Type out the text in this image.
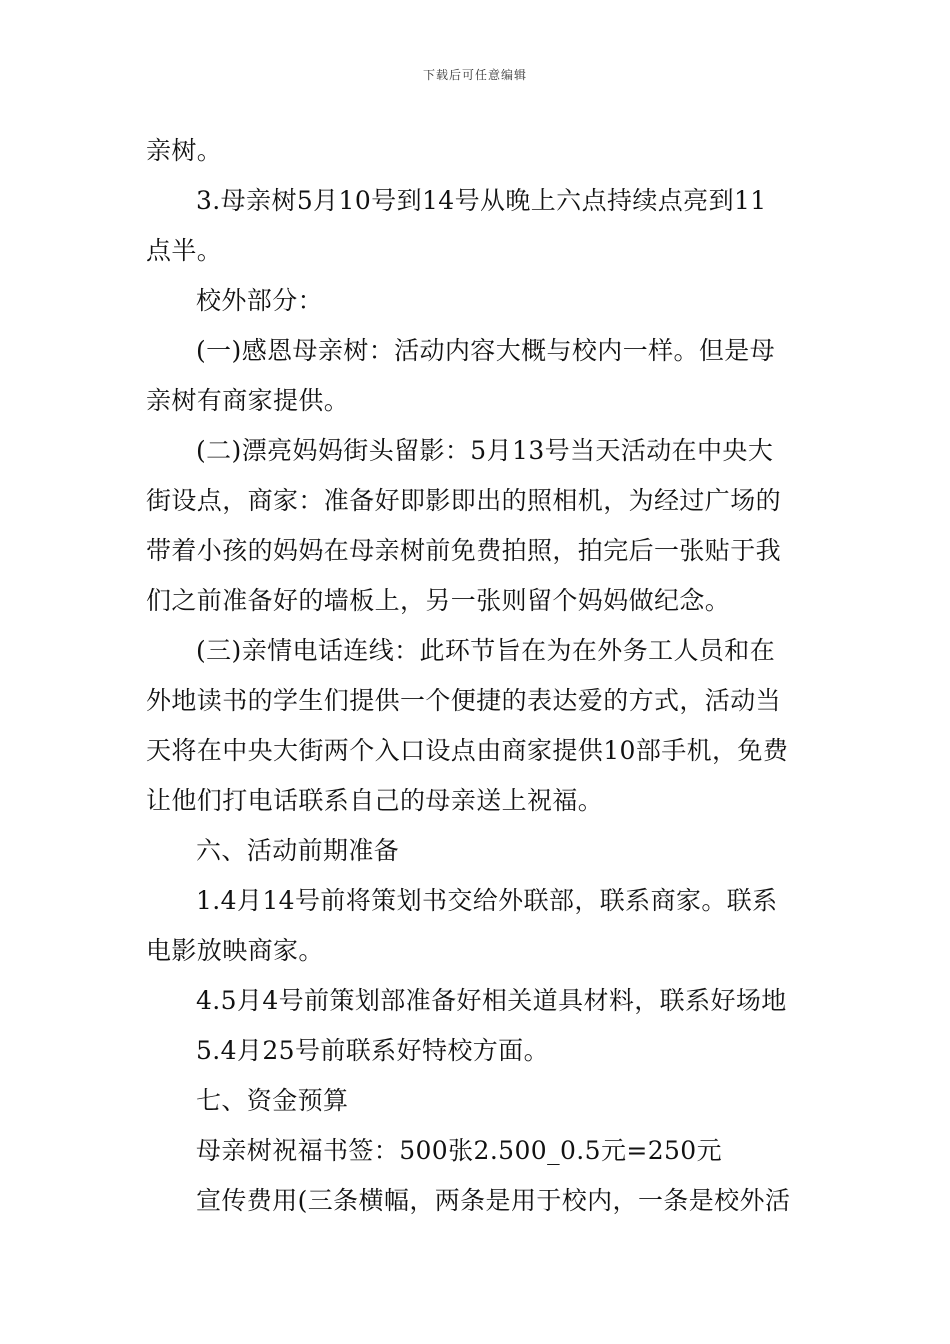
下载后可任意编辑
亲树。
3.母亲树5月10号到14号从晚上六点持续点亮到11
点半。
校外部分：
(一)感恩母亲树：活动内容大概与校内一样。但是母
亲树有商家提供。
(二)漂亮妈妈街头留影：5月13号当天活动在中央大
街设点，商家：准备好即影即出的照相机，为经过广场的
带着小孩的妈妈在母亲树前免费拍照，拍完后一张贴于我
们之前准备好的墙板上，另一张则留个妈妈做纪念。
(三)亲情电话连线：此环节旨在为在外务工人员和在
外地读书的学生们提供一个便捷的表达爱的方式，活动当
天将在中央大街两个入口设点由商家提供10部手机，免费
让他们打电话联系自己的母亲送上祝福。
六、活动前期准备
1.4月14号前将策划书交给外联部，联系商家。联系
电影放映商家。
4.5月4号前策划部准备好相关道具材料，联系好场地
5.4月25号前联系好特校方面。
七、资金预算
母亲树祝福书签：500张2.500_0.5元=250元
宣传费用(三条横幅，两条是用于校内，一条是校外活
